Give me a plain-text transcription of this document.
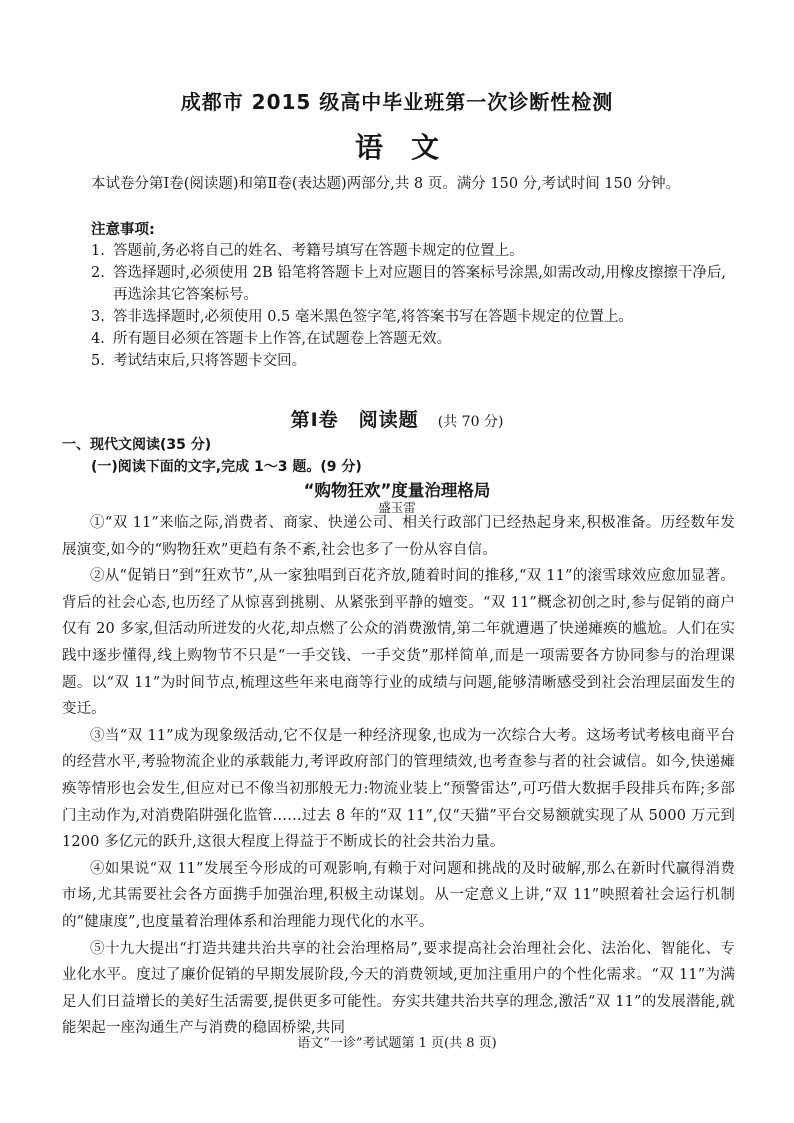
成都市 2015 级高中毕业班第一次诊断性检测
语　文
本试卷分第Ⅰ卷(阅读题)和第Ⅱ卷(表达题)两部分,共 8 页。满分 150 分,考试时间 150 分钟。
注意事项:
1. 答题前,务必将自己的姓名、考籍号填写在答题卡规定的位置上。
2. 答选择题时,必须使用 2B 铅笔将答题卡上对应题目的答案标号涂黑,如需改动,用橡皮擦擦干净后,再选涂其它答案标号。
3. 答非选择题时,必须使用 0.5 毫米黑色签字笔,将答案书写在答题卡规定的位置上。
4. 所有题目必须在答题卡上作答,在试题卷上答题无效。
5. 考试结束后,只将答题卡交回。
第Ⅰ卷　阅读题 (共 70 分)
一、现代文阅读(35 分)
(一)阅读下面的文字,完成 1～3 题。(9 分)
“购物狂欢”度量治理格局
盛玉雷

①“双 11”来临之际,消费者、商家、快递公司、相关行政部门已经热起身来,积极准备。历经数年发展演变,如今的“购物狂欢”更趋有条不紊,社会也多了一份从容自信。

②从“促销日”到“狂欢节”,从一家独唱到百花齐放,随着时间的推移,“双 11”的滚雪球效应愈加显著。背后的社会心态,也历经了从惊喜到挑剔、从紧张到平静的嬗变。“双 11”概念初创之时,参与促销的商户仅有 20 多家,但活动所迸发的火花,却点燃了公众的消费激情,第二年就遭遇了快递瘫痪的尴尬。人们在实践中逐步懂得,线上购物节不只是“一手交钱、一手交货”那样简单,而是一项需要各方协同参与的治理课题。以“双 11”为时间节点,梳理这些年来电商等行业的成绩与问题,能够清晰感受到社会治理层面发生的变迁。

③当“双 11”成为现象级活动,它不仅是一种经济现象,也成为一次综合大考。这场考试考核电商平台的经营水平,考验物流企业的承载能力,考评政府部门的管理绩效,也考查参与者的社会诚信。如今,快递瘫痪等情形也会发生,但应对已不像当初那般无力:物流业装上“预警雷达”,可巧借大数据手段排兵布阵;多部门主动作为,对消费陷阱强化监管……过去 8 年的“双 11”,仅“天猫”平台交易额就实现了从 5000 万元到 1200 多亿元的跃升,这很大程度上得益于不断成长的社会共治力量。

④如果说“双 11”发展至今形成的可观影响,有赖于对问题和挑战的及时破解,那么在新时代赢得消费市场,尤其需要社会各方面携手加强治理,积极主动谋划。从一定意义上讲,“双 11”映照着社会运行机制的“健康度”,也度量着治理体系和治理能力现代化的水平。

⑤十九大提出“打造共建共治共享的社会治理格局”,要求提高社会治理社会化、法治化、智能化、专业化水平。度过了廉价促销的早期发展阶段,今天的消费领域,更加注重用户的个性化需求。“双 11”为满足人们日益增长的美好生活需要,提供更多可能性。夯实共建共治共享的理念,激活“双 11”的发展潜能,就能架起一座沟通生产与消费的稳固桥梁,共同

语文“一诊”考试题第 1 页(共 8 页)
